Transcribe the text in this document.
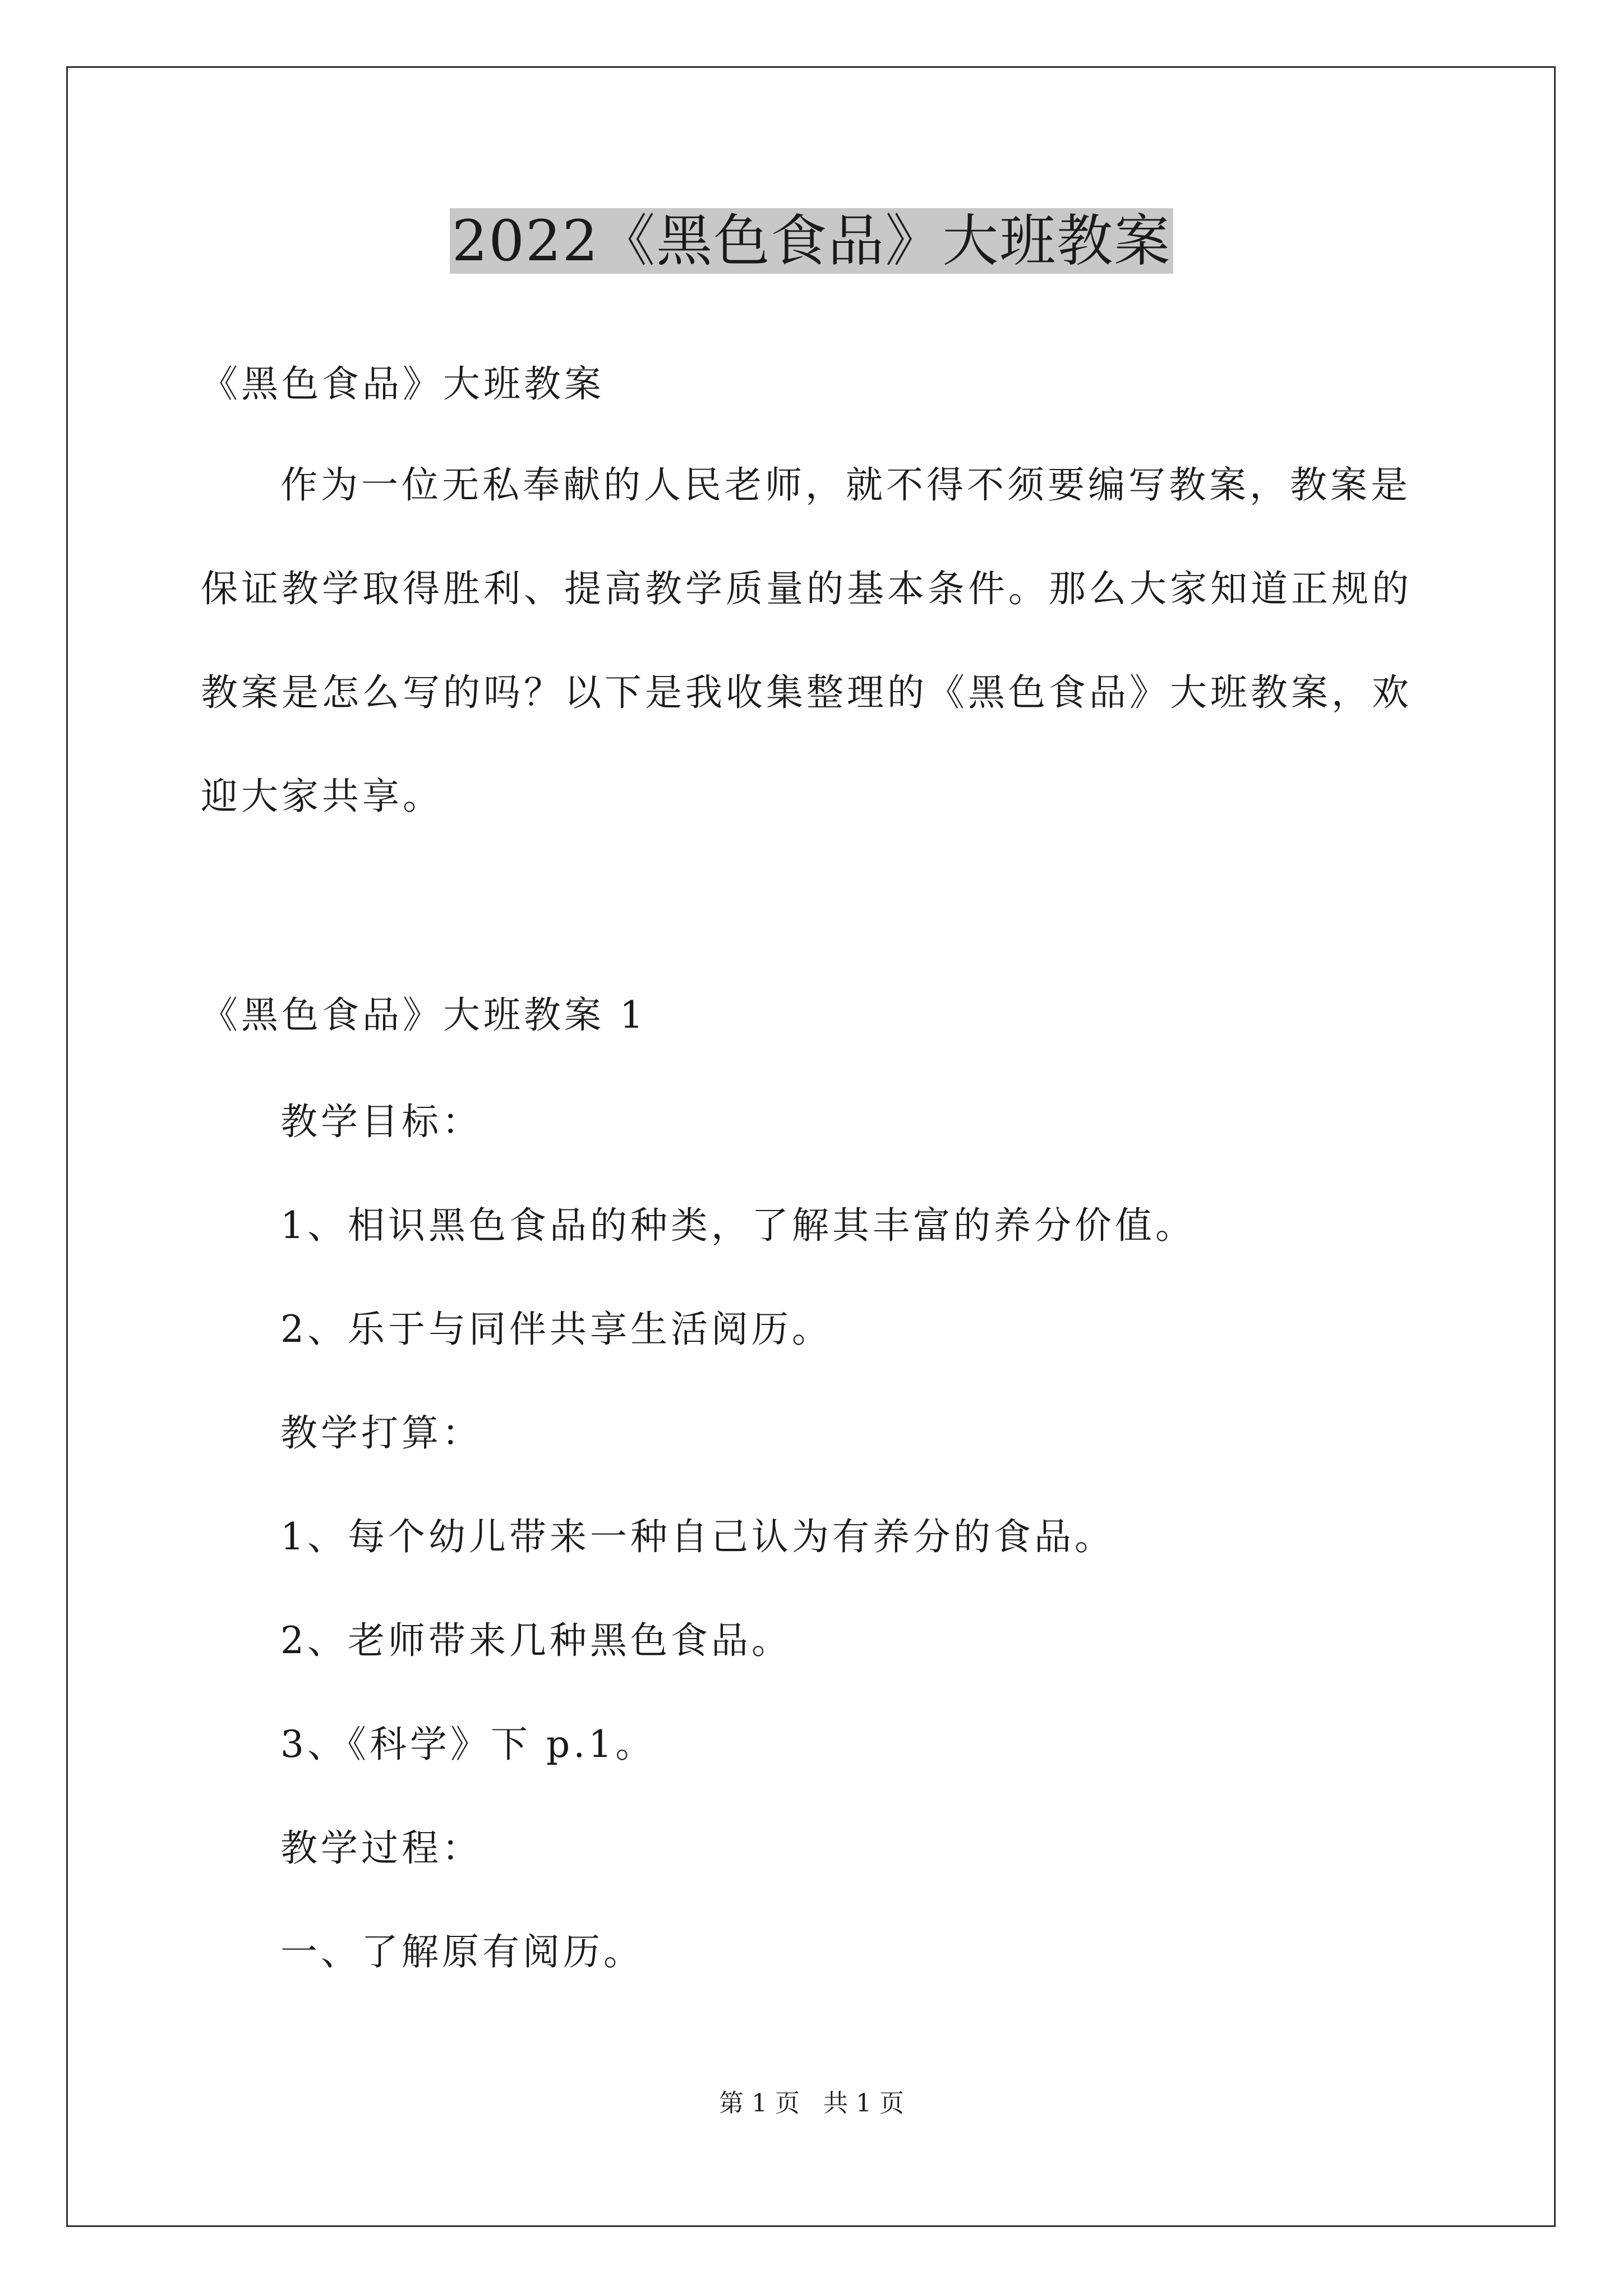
2022《黑色食品》大班教案
《黑色食品》大班教案
作为一位无私奉献的人民老师，就不得不须要编写教案，教案是
保证教学取得胜利、提高教学质量的基本条件。那么大家知道正规的
教案是怎么写的吗？以下是我收集整理的《黑色食品》大班教案，欢
迎大家共享。
《黑色食品》大班教案 1
教学目标：
1、相识黑色食品的种类，了解其丰富的养分价值。
2、乐于与同伴共享生活阅历。
教学打算：
1、每个幼儿带来一种自己认为有养分的食品。
2、老师带来几种黑色食品。
3、《科学》下 p.1。
教学过程：
一、了解原有阅历。
第 1 页   共 1 页
